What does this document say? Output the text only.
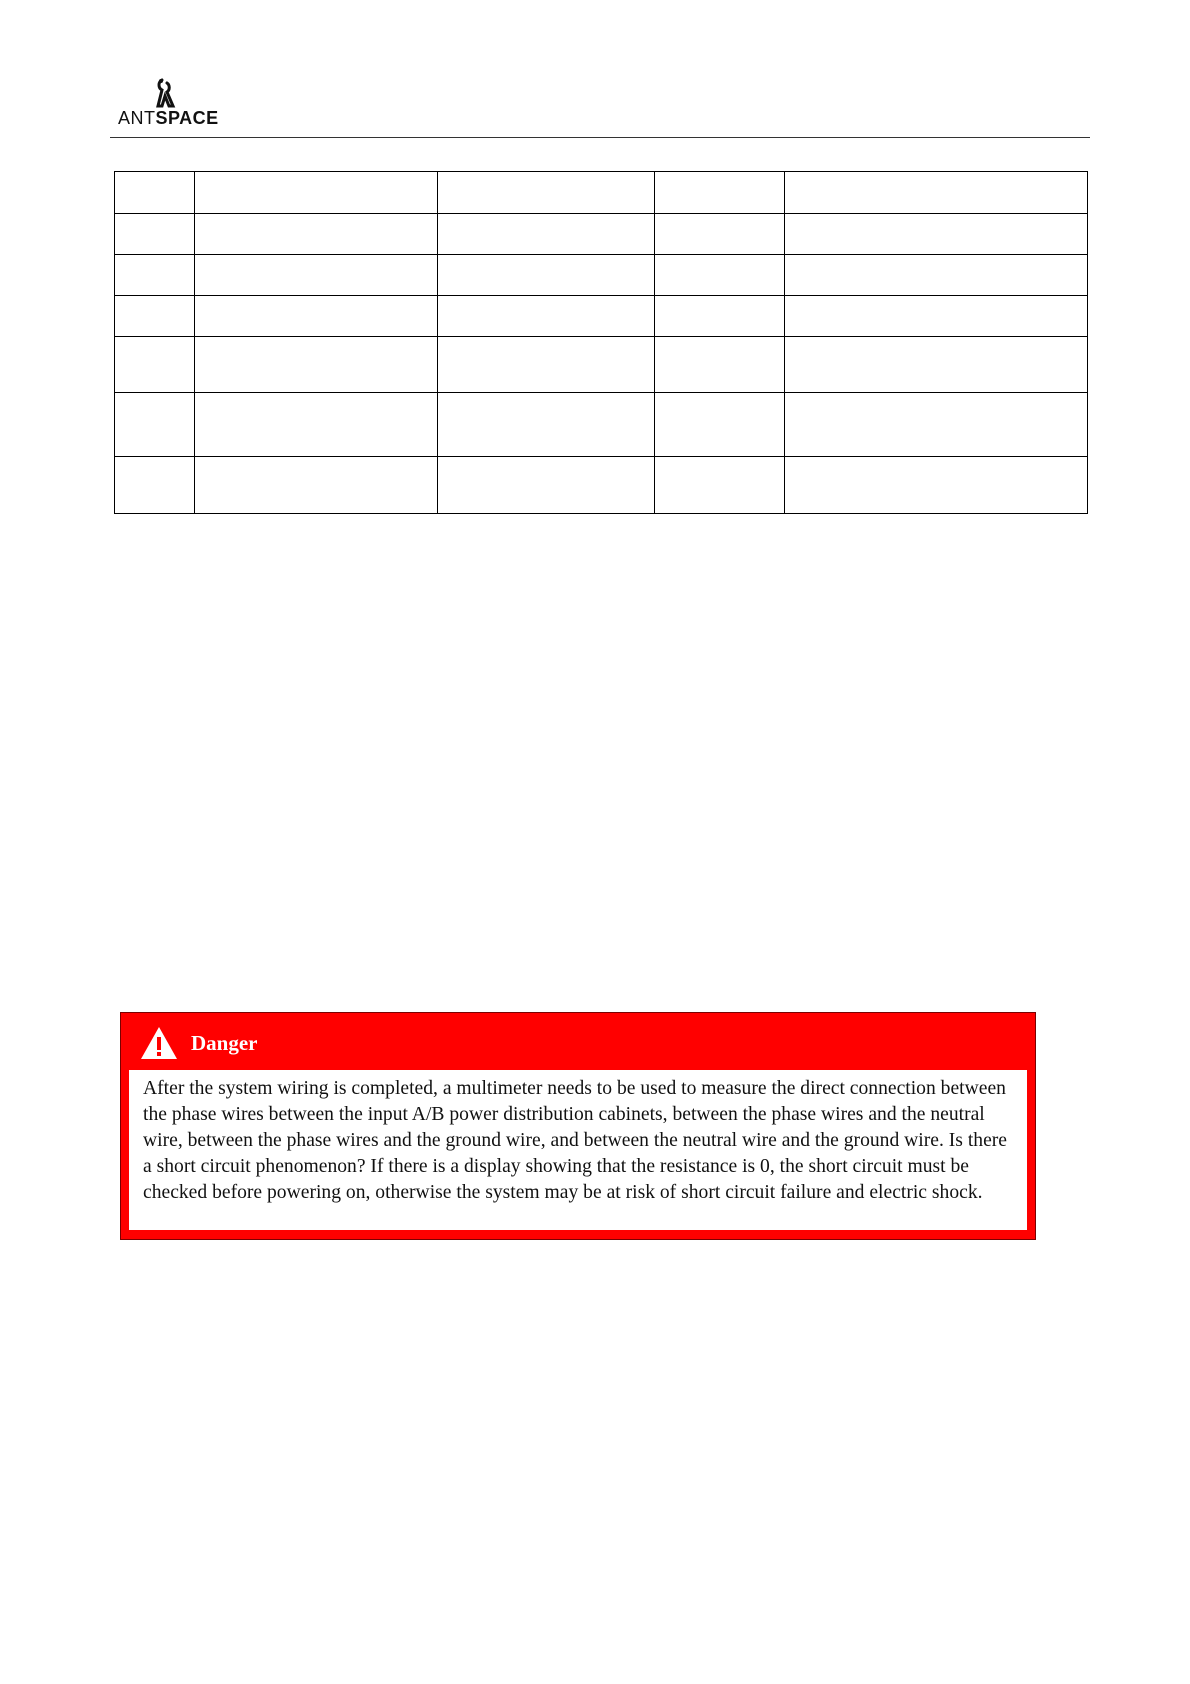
ANTSPACE

Danger
After the system wiring is completed, a multimeter needs to be used to measure the direct connection between the phase wires between the input A/B power distribution cabinets, between the phase wires and the neutral wire, between the phase wires and the ground wire, and between the neutral wire and the ground wire. Is there a short circuit phenomenon? If there is a display showing that the resistance is 0, the short circuit must be checked before powering on, otherwise the system may be at risk of short circuit failure and electric shock.
